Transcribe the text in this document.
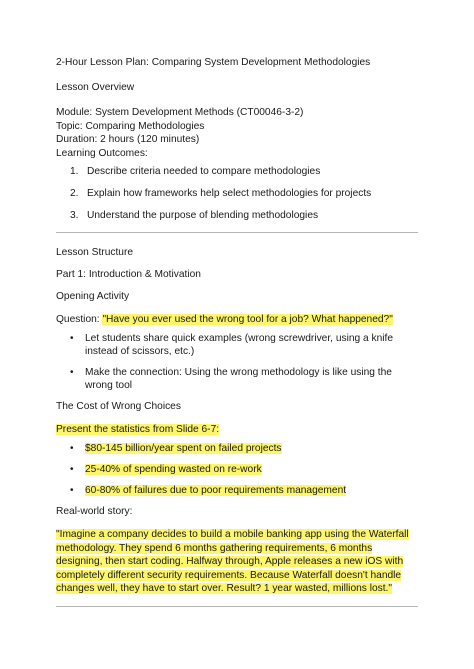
2-Hour Lesson Plan: Comparing System Development Methodologies

Lesson Overview

Module: System Development Methods (CT00046-3-2)

Topic: Comparing Methodologies

Duration: 2 hours (120 minutes)

Learning Outcomes:

1. Describe criteria needed to compare methodologies
2. Explain how frameworks help select methodologies for projects
3. Understand the purpose of blending methodologies

Lesson Structure

Part 1: Introduction & Motivation

Opening Activity

Question: "Have you ever used the wrong tool for a job? What happened?"

•	Let students share quick examples (wrong screwdriver, using a knife instead of scissors, etc.)
•	Make the connection: Using the wrong methodology is like using the wrong tool

The Cost of Wrong Choices

Present the statistics from Slide 6-7:

•	$80-145 billion/year spent on failed projects
•	25-40% of spending wasted on re-work
•	60-80% of failures due to poor requirements management

Real-world story:

"Imagine a company decides to build a mobile banking app using the Waterfall methodology. They spend 6 months gathering requirements, 6 months designing, then start coding. Halfway through, Apple releases a new iOS with completely different security requirements. Because Waterfall doesn't handle changes well, they have to start over. Result? 1 year wasted, millions lost."
